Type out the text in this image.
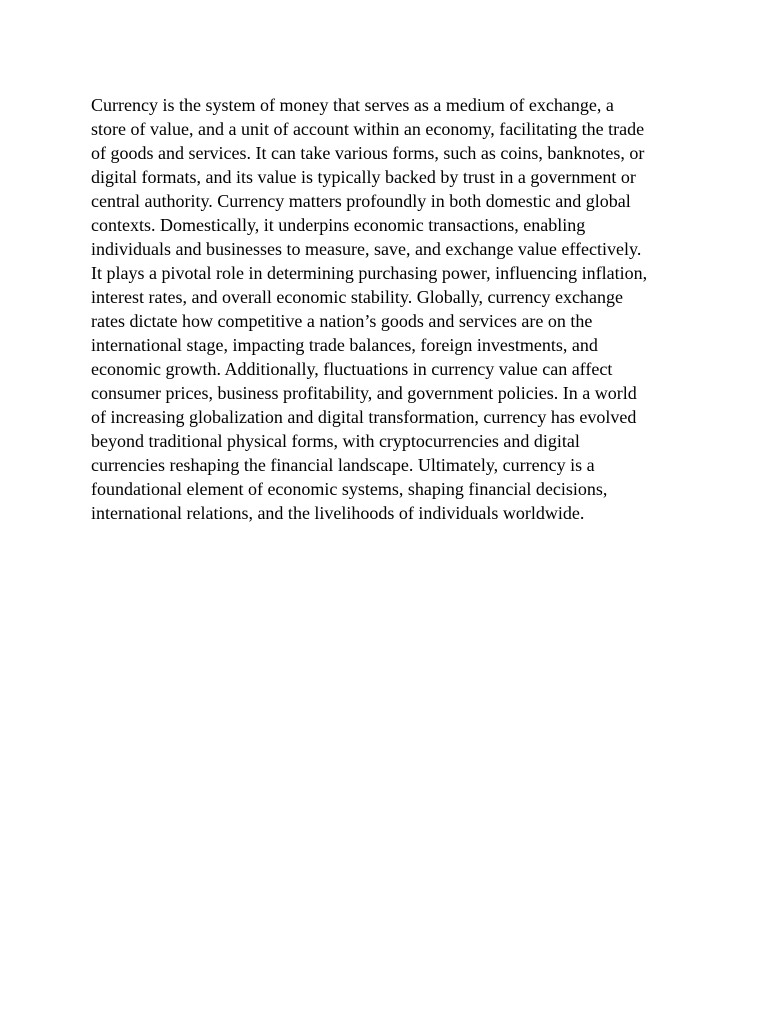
Currency is the system of money that serves as a medium of exchange, a
store of value, and a unit of account within an economy, facilitating the trade
of goods and services. It can take various forms, such as coins, banknotes, or
digital formats, and its value is typically backed by trust in a government or
central authority. Currency matters profoundly in both domestic and global
contexts. Domestically, it underpins economic transactions, enabling
individuals and businesses to measure, save, and exchange value effectively.
It plays a pivotal role in determining purchasing power, influencing inflation,
interest rates, and overall economic stability. Globally, currency exchange
rates dictate how competitive a nation’s goods and services are on the
international stage, impacting trade balances, foreign investments, and
economic growth. Additionally, fluctuations in currency value can affect
consumer prices, business profitability, and government policies. In a world
of increasing globalization and digital transformation, currency has evolved
beyond traditional physical forms, with cryptocurrencies and digital
currencies reshaping the financial landscape. Ultimately, currency is a
foundational element of economic systems, shaping financial decisions,
international relations, and the livelihoods of individuals worldwide.
